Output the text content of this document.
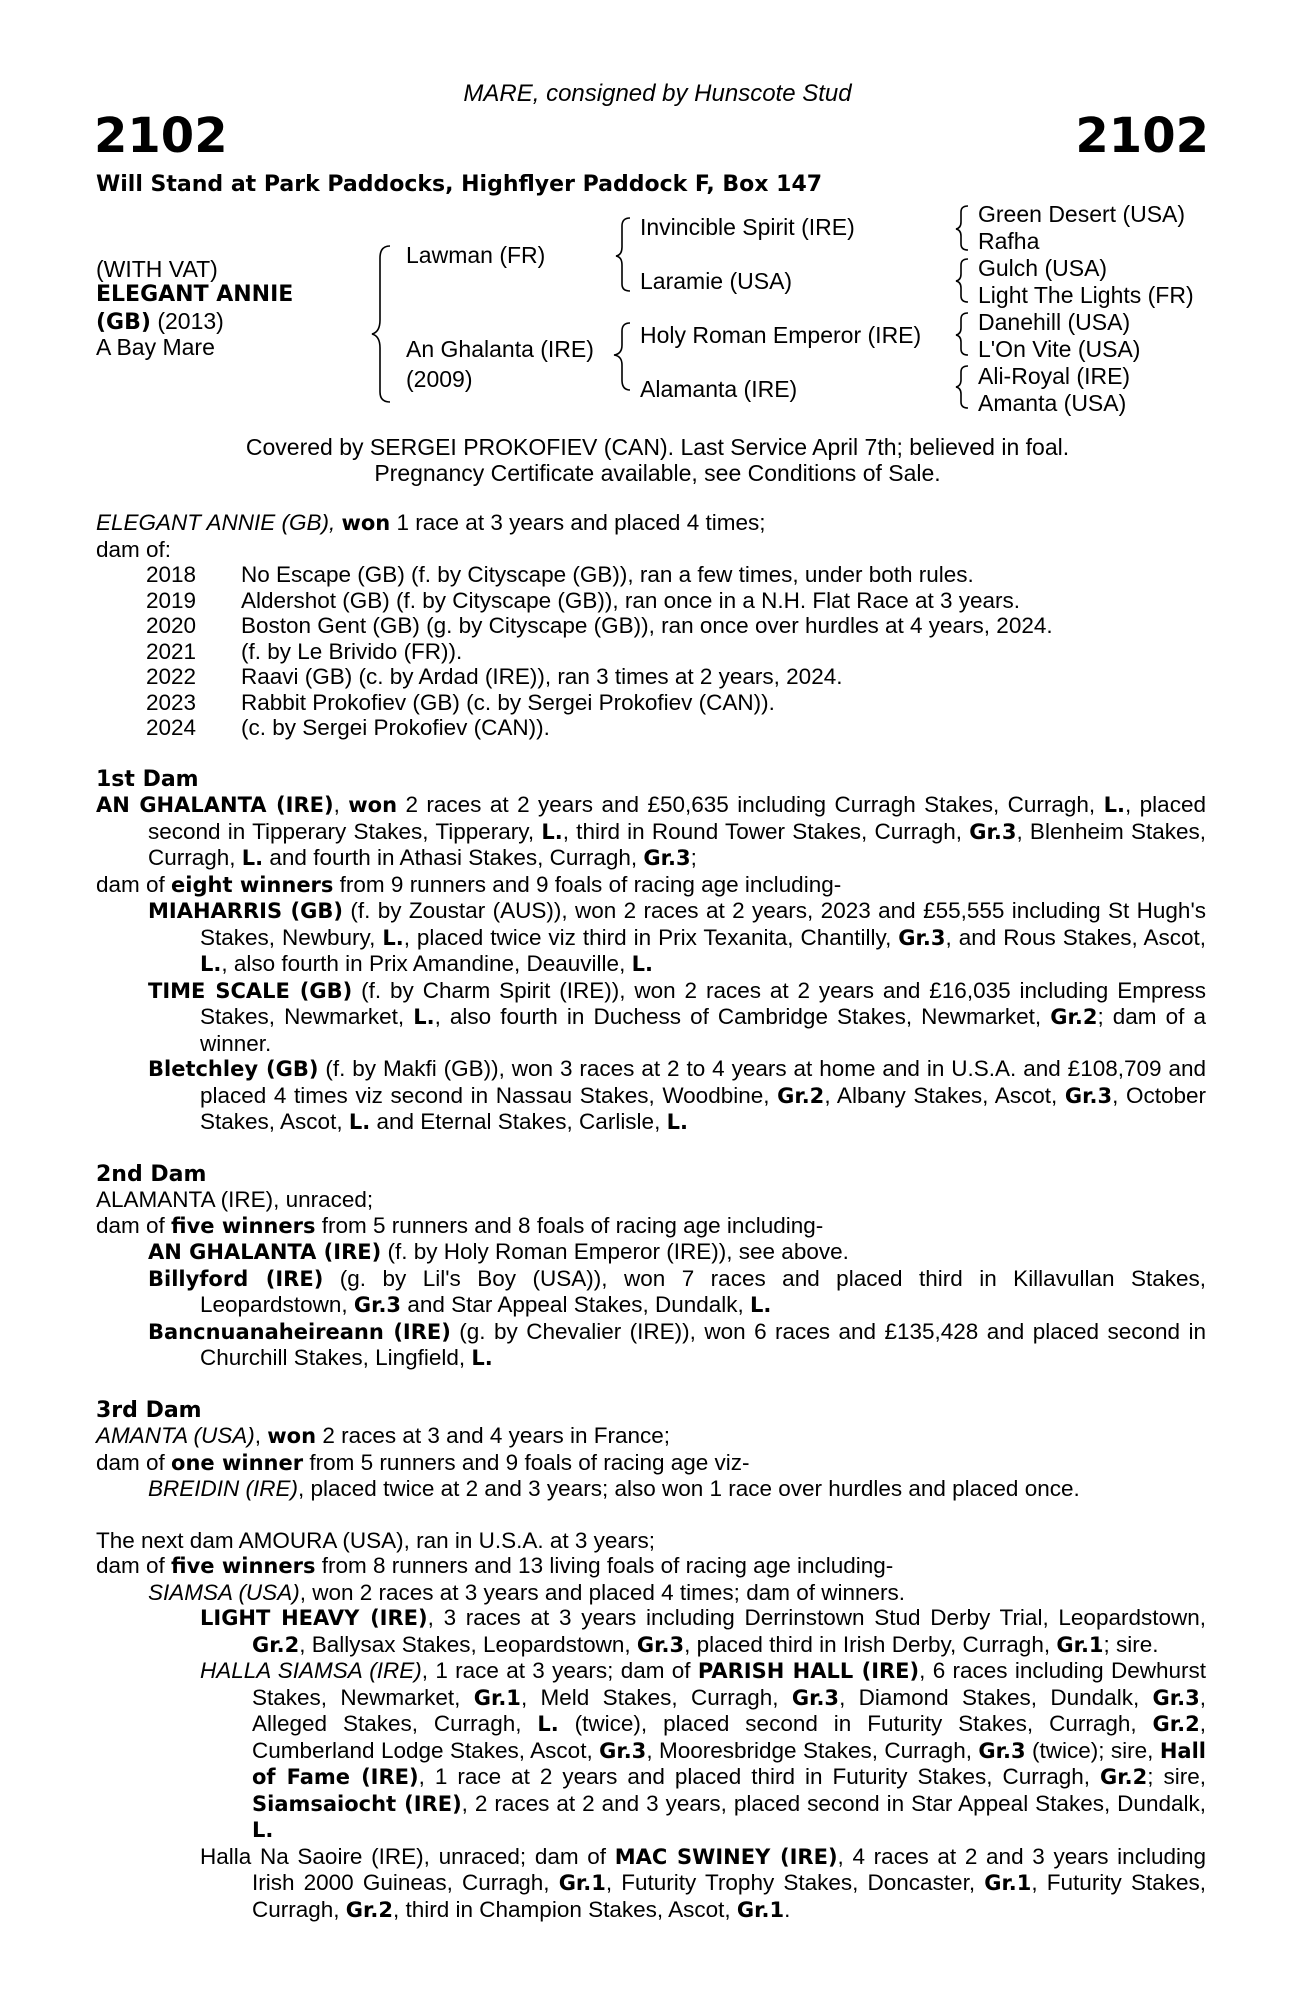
MARE, consigned by Hunscote Stud
2102	2102
Will Stand at Park Paddocks, Highflyer Paddock F, Box 147
(WITH VAT)
ELEGANT ANNIE
(GB) (2013)
A Bay Mare
Lawman (FR)
An Ghalanta (IRE)
(2009)
Invincible Spirit (IRE)
Laramie (USA)
Holy Roman Emperor (IRE)
Alamanta (IRE)
Green Desert (USA)
Rafha
Gulch (USA)
Light The Lights (FR)
Danehill (USA)
L'On Vite (USA)
Ali-Royal (IRE)
Amanta (USA)
Covered by SERGEI PROKOFIEV (CAN). Last Service April 7th; believed in foal.
Pregnancy Certificate available, see Conditions of Sale.

ELEGANT ANNIE (GB), won 1 race at 3 years and placed 4 times;

dam of:

2018	No Escape (GB) (f. by Cityscape (GB)), ran a few times, under both rules.
2019	Aldershot (GB) (f. by Cityscape (GB)), ran once in a N.H. Flat Race at 3 years.
2020	Boston Gent (GB) (g. by Cityscape (GB)), ran once over hurdles at 4 years, 2024.
2021	(f. by Le Brivido (FR)).
2022	Raavi (GB) (c. by Ardad (IRE)), ran 3 times at 2 years, 2024.
2023	Rabbit Prokofiev (GB) (c. by Sergei Prokofiev (CAN)).
2024	(c. by Sergei Prokofiev (CAN)).

1st Dam

AN GHALANTA (IRE), won 2 races at 2 years and £50,635 including Curragh Stakes, Curragh, L., placed second in Tipperary Stakes, Tipperary, L., third in Round Tower Stakes, Curragh, Gr.3, Blenheim Stakes, Curragh, L. and fourth in Athasi Stakes, Curragh, Gr.3;

dam of eight winners from 9 runners and 9 foals of racing age including-

MIAHARRIS (GB) (f. by Zoustar (AUS)), won 2 races at 2 years, 2023 and £55,555 including St Hugh's Stakes, Newbury, L., placed twice viz third in Prix Texanita, Chantilly, Gr.3, and Rous Stakes, Ascot, L., also fourth in Prix Amandine, Deauville, L.

TIME SCALE (GB) (f. by Charm Spirit (IRE)), won 2 races at 2 years and £16,035 including Empress Stakes, Newmarket, L., also fourth in Duchess of Cambridge Stakes, Newmarket, Gr.2; dam of a winner.

Bletchley (GB) (f. by Makfi (GB)), won 3 races at 2 to 4 years at home and in U.S.A. and £108,709 and placed 4 times viz second in Nassau Stakes, Woodbine, Gr.2, Albany Stakes, Ascot, Gr.3, October Stakes, Ascot, L. and Eternal Stakes, Carlisle, L.

2nd Dam

ALAMANTA (IRE), unraced;

dam of five winners from 5 runners and 8 foals of racing age including-

AN GHALANTA (IRE) (f. by Holy Roman Emperor (IRE)), see above.

Billyford (IRE) (g. by Lil's Boy (USA)), won 7 races and placed third in Killavullan Stakes, Leopardstown, Gr.3 and Star Appeal Stakes, Dundalk, L.

Bancnuanaheireann (IRE) (g. by Chevalier (IRE)), won 6 races and £135,428 and placed second in Churchill Stakes, Lingfield, L.

3rd Dam

AMANTA (USA), won 2 races at 3 and 4 years in France;

dam of one winner from 5 runners and 9 foals of racing age viz-

BREIDIN (IRE), placed twice at 2 and 3 years; also won 1 race over hurdles and placed once.

The next dam AMOURA (USA), ran in U.S.A. at 3 years;

dam of five winners from 8 runners and 13 living foals of racing age including-

SIAMSA (USA), won 2 races at 3 years and placed 4 times; dam of winners.

LIGHT HEAVY (IRE), 3 races at 3 years including Derrinstown Stud Derby Trial, Leopardstown, Gr.2, Ballysax Stakes, Leopardstown, Gr.3, placed third in Irish Derby, Curragh, Gr.1; sire.

HALLA SIAMSA (IRE), 1 race at 3 years; dam of PARISH HALL (IRE), 6 races including Dewhurst Stakes, Newmarket, Gr.1, Meld Stakes, Curragh, Gr.3, Diamond Stakes, Dundalk, Gr.3, Alleged Stakes, Curragh, L. (twice), placed second in Futurity Stakes, Curragh, Gr.2, Cumberland Lodge Stakes, Ascot, Gr.3, Mooresbridge Stakes, Curragh, Gr.3 (twice); sire, Hall of Fame (IRE), 1 race at 2 years and placed third in Futurity Stakes, Curragh, Gr.2; sire, Siamsaiocht (IRE), 2 races at 2 and 3 years, placed second in Star Appeal Stakes, Dundalk, L.

Halla Na Saoire (IRE), unraced; dam of MAC SWINEY (IRE), 4 races at 2 and 3 years including Irish 2000 Guineas, Curragh, Gr.1, Futurity Trophy Stakes, Doncaster, Gr.1, Futurity Stakes, Curragh, Gr.2, third in Champion Stakes, Ascot, Gr.1.
